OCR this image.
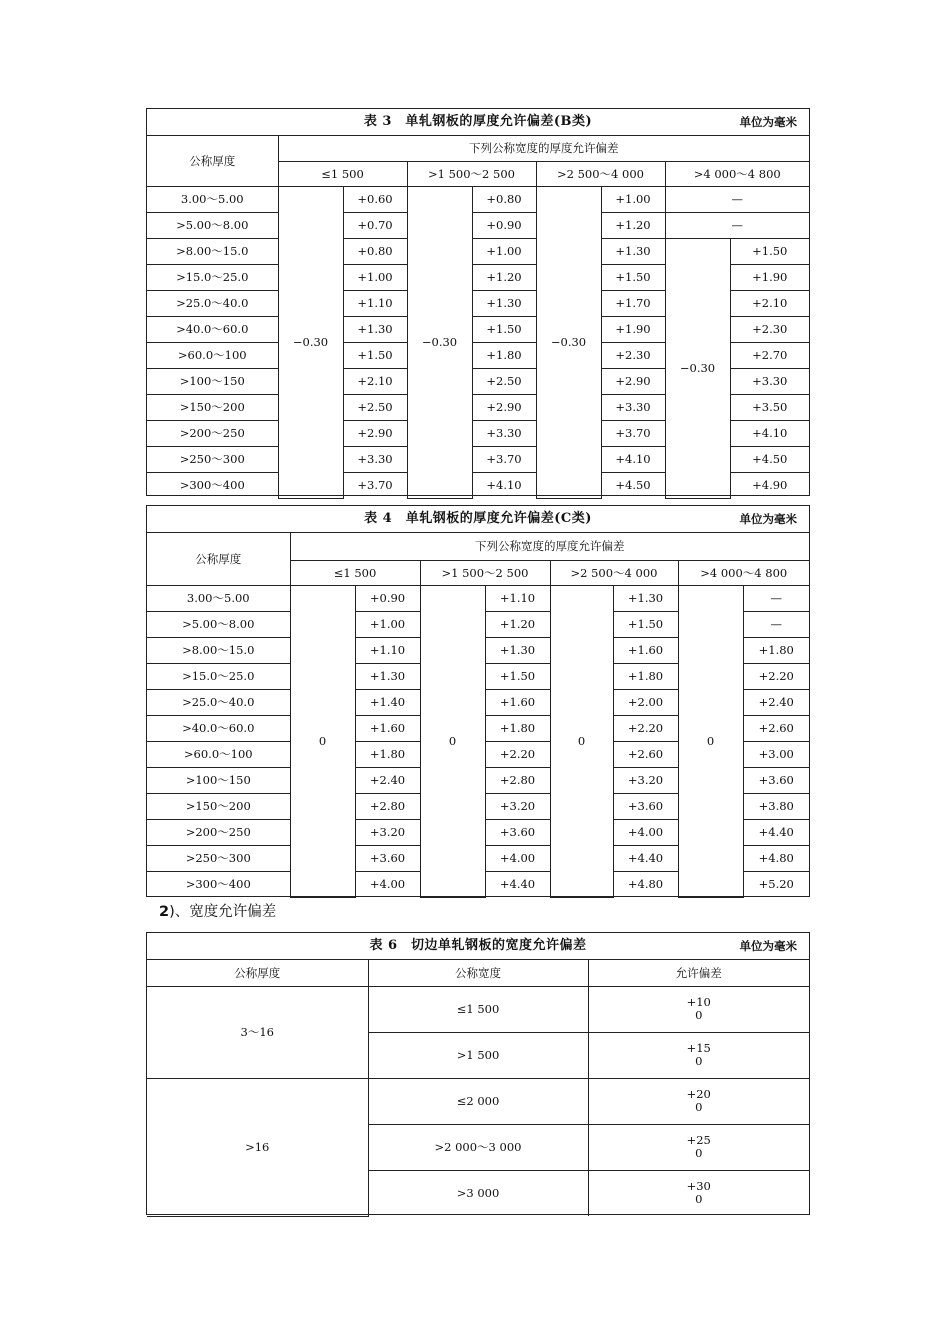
表 3　单轧钢板的厚度允许偏差(B类)	单位为毫米
公称厚度	下列公称宽度的厚度允许偏差							
	≤1 500		>1 500～2 500		>2 500～4 000		>4 000～4 800	
3.00～5.00	−0.30	+0.60	−0.30	+0.80	−0.30	+1.00	—	
>5.00～8.00		+0.70		+0.90		+1.20	—	
>8.00～15.0		+0.80		+1.00		+1.30	−0.30	+1.50
>15.0～25.0		+1.00		+1.20		+1.50		+1.90
>25.0～40.0		+1.10		+1.30		+1.70		+2.10
>40.0～60.0		+1.30		+1.50		+1.90		+2.30
>60.0～100		+1.50		+1.80		+2.30		+2.70
>100～150		+2.10		+2.50		+2.90		+3.30
>150～200		+2.50		+2.90		+3.30		+3.50
>200～250		+2.90		+3.30		+3.70		+4.10
>250～300		+3.30		+3.70		+4.10		+4.50
>300～400		+3.70		+4.10		+4.50		+4.90
表 4　单轧钢板的厚度允许偏差(C类)	单位为毫米
公称厚度	下列公称宽度的厚度允许偏差							
	≤1 500		>1 500～2 500		>2 500～4 000		>4 000～4 800	
3.00～5.00	0	+0.90	0	+1.10	0	+1.30	0	—
>5.00～8.00		+1.00		+1.20		+1.50		—
>8.00～15.0		+1.10		+1.30		+1.60		+1.80
>15.0～25.0		+1.30		+1.50		+1.80		+2.20
>25.0～40.0		+1.40		+1.60		+2.00		+2.40
>40.0～60.0		+1.60		+1.80		+2.20		+2.60
>60.0～100		+1.80		+2.20		+2.60		+3.00
>100～150		+2.40		+2.80		+3.20		+3.60
>150～200		+2.80		+3.20		+3.60		+3.80
>200～250		+3.20		+3.60		+4.00		+4.40
>250～300		+3.60		+4.00		+4.40		+4.80
>300～400		+4.00		+4.40		+4.80		+5.20
2)、宽度允许偏差
表 6　切边单轧钢板的宽度允许偏差	单位为毫米
公称厚度	公称宽度	允许偏差
3～16	≤1 500	+10
0

	>1 500	+15
0

>16	≤2 000	+20
0

	>2 000～3 000	+25
0

	>3 000	+30
0
